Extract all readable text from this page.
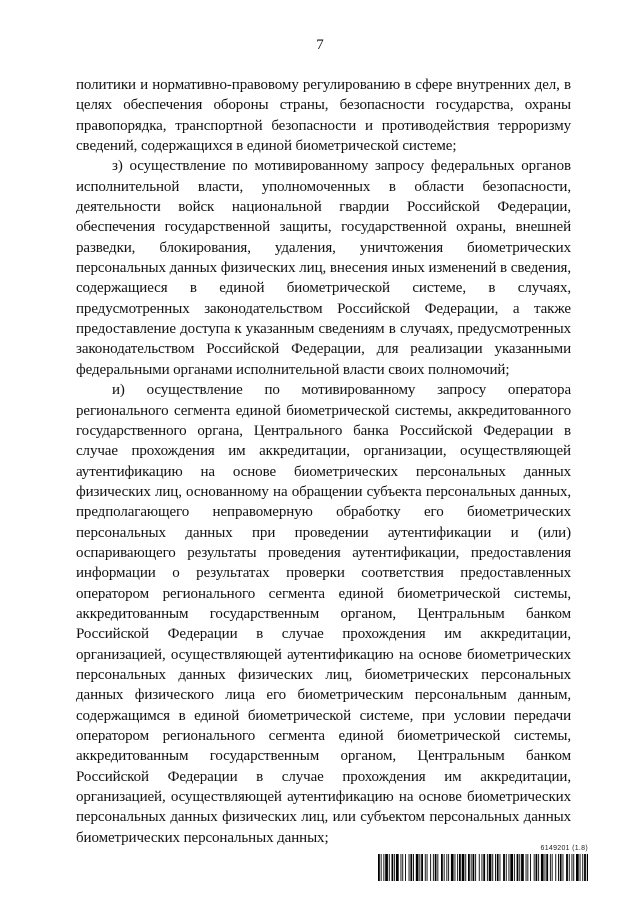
7

политики и нормативно-правовому регулированию в сфере внутренних дел, в целях обеспечения обороны страны, безопасности государства, охраны правопорядка, транспортной безопасности и противодействия терроризму сведений, содержащихся в единой биометрической системе;

з) осуществление по мотивированному запросу федеральных органов исполнительной власти, уполномоченных в области безопасности, деятельности войск национальной гвардии Российской Федерации, обеспечения государственной защиты, государственной охраны, внешней разведки, блокирования, удаления, уничтожения биометрических персональных данных физических лиц, внесения иных изменений в сведения, содержащиеся в единой биометрической системе, в случаях, предусмотренных законодательством Российской Федерации, а также предоставление доступа к указанным сведениям в случаях, предусмотренных законодательством Российской Федерации, для реализации указанными федеральными органами исполнительной власти своих полномочий;

и) осуществление по мотивированному запросу оператора регионального сегмента единой биометрической системы, аккредитованного государственного органа, Центрального банка Российской Федерации в случае прохождения им аккредитации, организации, осуществляющей аутентификацию на основе биометрических персональных данных физических лиц, основанному на обращении субъекта персональных данных, предполагающего неправомерную обработку его биометрических персональных данных при проведении аутентификации и (или) оспаривающего результаты проведения аутентификации, предоставления информации о результатах проверки соответствия предоставленных оператором регионального сегмента единой биометрической системы, аккредитованным государственным органом, Центральным банком Российской Федерации в случае прохождения им аккредитации, организацией, осуществляющей аутентификацию на основе биометрических персональных данных физических лиц, биометрических персональных данных физического лица его биометрическим персональным данным, содержащимся в единой биометрической системе, при условии передачи оператором регионального сегмента единой биометрической системы, аккредитованным государственным органом, Центральным банком Российской Федерации в случае прохождения им аккредитации, организацией, осуществляющей аутентификацию на основе биометрических персональных данных физических лиц, или субъектом персональных данных биометрических персональных данных;

6149201 (1.8)
